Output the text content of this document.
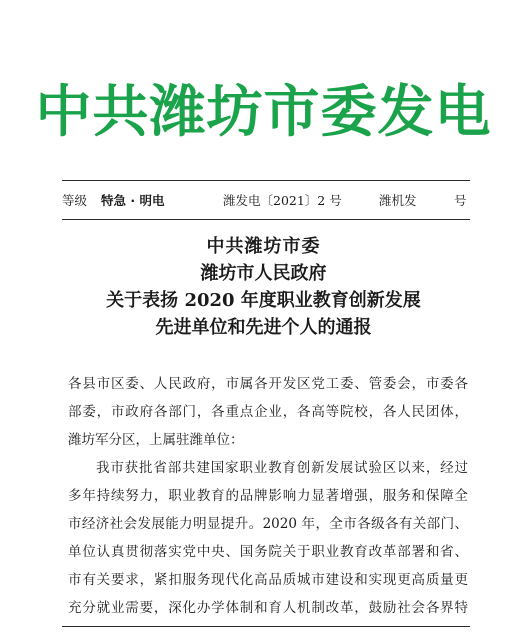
中共潍坊市委发电
等级 特急 · 明电	潍发电〔2021〕2 号	潍机发	号
中共潍坊市委
潍坊市人民政府
关于表扬 2020 年度职业教育创新发展
先进单位和先进个人的通报
各县市区委、人民政府，市属各开发区党工委、管委会，市委各
部委，市政府各部门，各重点企业，各高等院校，各人民团体，
潍坊军分区，上属驻潍单位：
我市获批省部共建国家职业教育创新发展试验区以来，经过
多年持续努力，职业教育的品牌影响力显著增强，服务和保障全
市经济社会发展能力明显提升。2020 年，全市各级各有关部门、
单位认真贯彻落实党中央、国务院关于职业教育改革部署和省、
市有关要求，紧扣服务现代化高品质城市建设和实现更高质量更
充分就业需要，深化办学体制和育人机制改革，鼓励社会各界特
